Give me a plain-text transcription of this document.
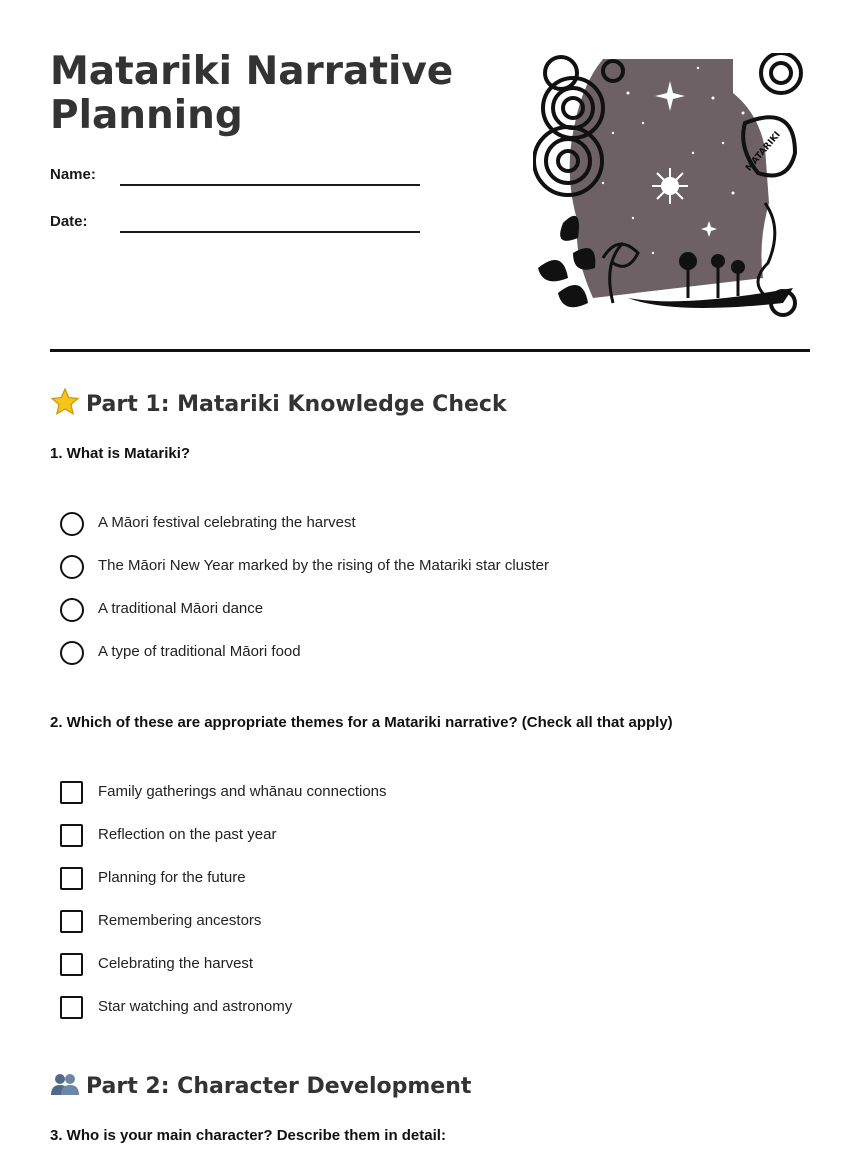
Matariki Narrative Planning
Name:
Date:
MATARIKI
Part 1: Matariki Knowledge Check
1. What is Matariki?
A Māori festival celebrating the harvest
The Māori New Year marked by the rising of the Matariki star cluster
A traditional Māori dance
A type of traditional Māori food
2. Which of these are appropriate themes for a Matariki narrative? (Check all that apply)
Family gatherings and whānau connections
Reflection on the past year
Planning for the future
Remembering ancestors
Celebrating the harvest
Star watching and astronomy
Part 2: Character Development
3. Who is your main character? Describe them in detail:
